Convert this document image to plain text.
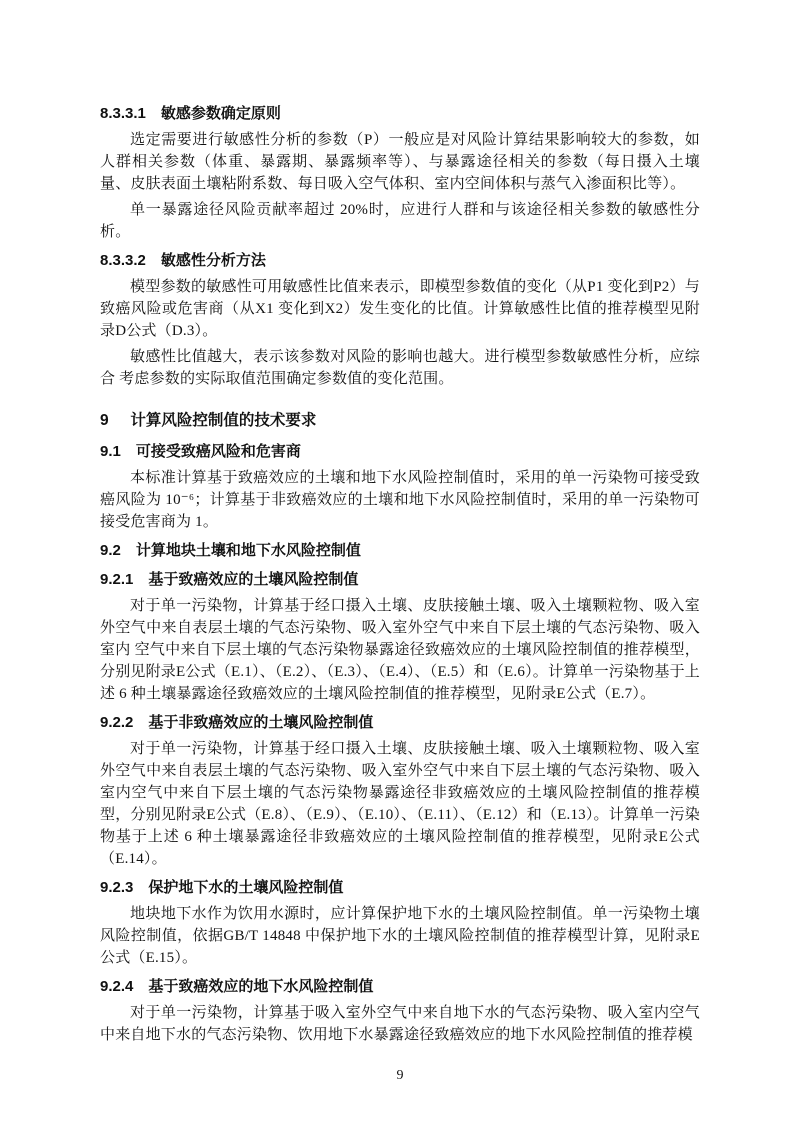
8.3.3.1 敏感参数确定原则

选定需要进行敏感性分析的参数（P）一般应是对风险计算结果影响较大的参数，如人群相关参数（体重、暴露期、暴露频率等）、与暴露途径相关的参数（每日摄入土壤量、皮肤表面土壤粘附系数、每日吸入空气体积、室内空间体积与蒸气入渗面积比等）。

单一暴露途径风险贡献率超过 20%时，应进行人群和与该途径相关参数的敏感性分析。

8.3.3.2 敏感性分析方法

模型参数的敏感性可用敏感性比值来表示，即模型参数值的变化（从P1 变化到P2）与致癌风险或危害商（从X1 变化到X2）发生变化的比值。计算敏感性比值的推荐模型见附录D公式（D.3）。

敏感性比值越大，表示该参数对风险的影响也越大。进行模型参数敏感性分析，应综合 考虑参数的实际取值范围确定参数值的变化范围。

9 计算风险控制值的技术要求
9.1 可接受致癌风险和危害商

本标准计算基于致癌效应的土壤和地下水风险控制值时，采用的单一污染物可接受致癌风险为 10⁻⁶；计算基于非致癌效应的土壤和地下水风险控制值时，采用的单一污染物可接受危害商为 1。

9.2 计算地块土壤和地下水风险控制值
9.2.1 基于致癌效应的土壤风险控制值

对于单一污染物，计算基于经口摄入土壤、皮肤接触土壤、吸入土壤颗粒物、吸入室外空气中来自表层土壤的气态污染物、吸入室外空气中来自下层土壤的气态污染物、吸入室内 空气中来自下层土壤的气态污染物暴露途径致癌效应的土壤风险控制值的推荐模型，分别见附录E公式（E.1）、（E.2）、（E.3）、（E.4）、（E.5）和（E.6）。计算单一污染物基于上述 6 种土壤暴露途径致癌效应的土壤风险控制值的推荐模型，见附录E公式（E.7）。

9.2.2 基于非致癌效应的土壤风险控制值

对于单一污染物，计算基于经口摄入土壤、皮肤接触土壤、吸入土壤颗粒物、吸入室外空气中来自表层土壤的气态污染物、吸入室外空气中来自下层土壤的气态污染物、吸入室内空气中来自下层土壤的气态污染物暴露途径非致癌效应的土壤风险控制值的推荐模型，分别见附录E公式（E.8）、（E.9）、（E.10）、（E.11）、（E.12）和（E.13）。计算单一污染物基于上述 6 种土壤暴露途径非致癌效应的土壤风险控制值的推荐模型，见附录E公式（E.14）。

9.2.3 保护地下水的土壤风险控制值

地块地下水作为饮用水源时，应计算保护地下水的土壤风险控制值。单一污染物土壤风险控制值，依据GB/T 14848 中保护地下水的土壤风险控制值的推荐模型计算，见附录E公式（E.15）。

9.2.4 基于致癌效应的地下水风险控制值

对于单一污染物，计算基于吸入室外空气中来自地下水的气态污染物、吸入室内空气中来自地下水的气态污染物、饮用地下水暴露途径致癌效应的地下水风险控制值的推荐模

9
